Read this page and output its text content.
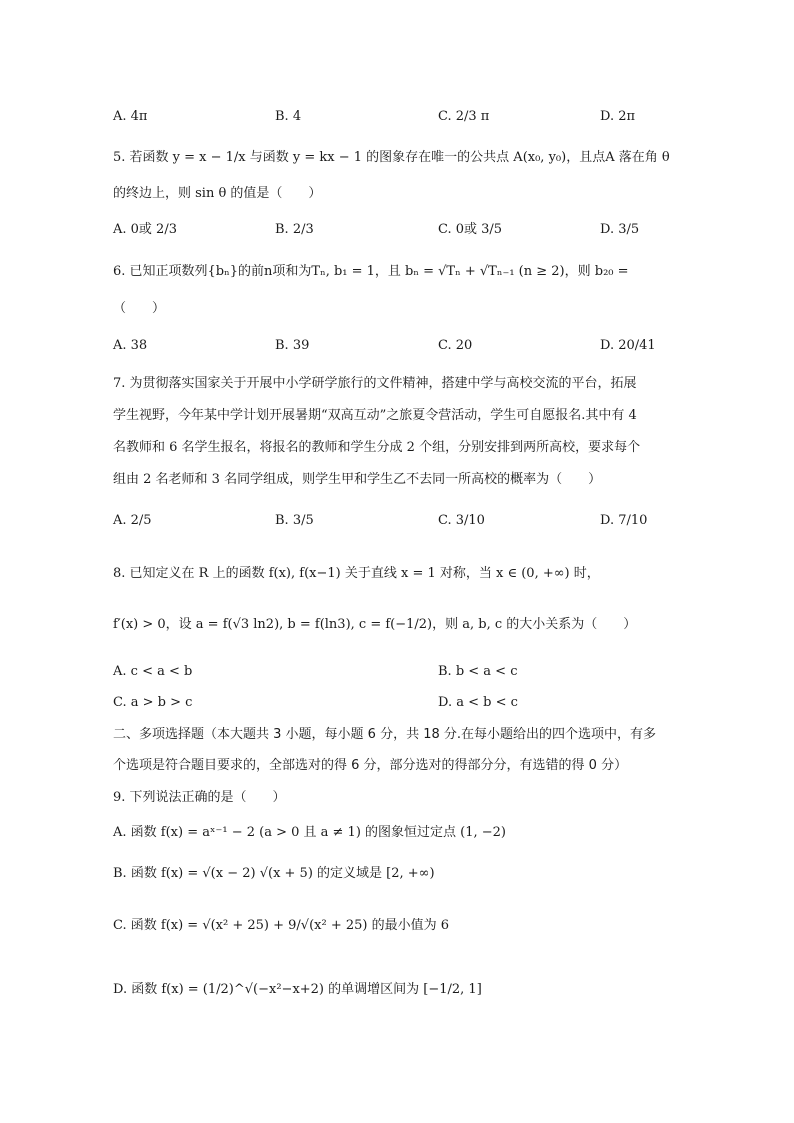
A. 4π	B. 4	C. 2/3 π	D. 2π
5. 若函数 y = x − 1/x 与函数 y = kx − 1 的图象存在唯一的公共点 A(x₀, y₀)，且点A 落在角 θ
的终边上，则 sin θ 的值是（　　）
A. 0或 2/3	B. 2/3	C. 0或 3/5	D. 3/5
6. 已知正项数列{bₙ}的前n项和为Tₙ, b₁ = 1，且 bₙ = √Tₙ + √Tₙ₋₁ (n ≥ 2)，则 b₂₀ =
（　　）
A. 38	B. 39	C. 20	D. 20/41
7. 为贯彻落实国家关于开展中小学研学旅行的文件精神，搭建中学与高校交流的平台，拓展
学生视野，今年某中学计划开展暑期“双高互动”之旅夏令营活动，学生可自愿报名.其中有 4
名教师和 6 名学生报名，将报名的教师和学生分成 2 个组，分别安排到两所高校，要求每个
组由 2 名老师和 3 名同学组成，则学生甲和学生乙不去同一所高校的概率为（　　）
A. 2/5	B. 3/5	C. 3/10	D. 7/10
8. 已知定义在 R 上的函数 f(x), f(x−1) 关于直线 x = 1 对称，当 x ∈ (0, +∞) 时，
f′(x) > 0，设 a = f(√3 ln2), b = f(ln3), c = f(−1/2)，则 a, b, c 的大小关系为（　　）
A. c < a < b	B. b < a < c
C. a > b > c	D. a < b < c
二、多项选择题（本大题共 3 小题，每小题 6 分，共 18 分.在每小题给出的四个选项中，有多
个选项是符合题目要求的，全部选对的得 6 分，部分选对的得部分分，有选错的得 0 分）
9. 下列说法正确的是（　　）
A. 函数 f(x) = aˣ⁻¹ − 2 (a > 0 且 a ≠ 1) 的图象恒过定点 (1, −2)
B. 函数 f(x) = √(x − 2) √(x + 5) 的定义域是 [2, +∞)
C. 函数 f(x) = √(x² + 25) + 9/√(x² + 25) 的最小值为 6
D. 函数 f(x) = (1/2)^√(−x²−x+2) 的单调增区间为 [−1/2, 1]
